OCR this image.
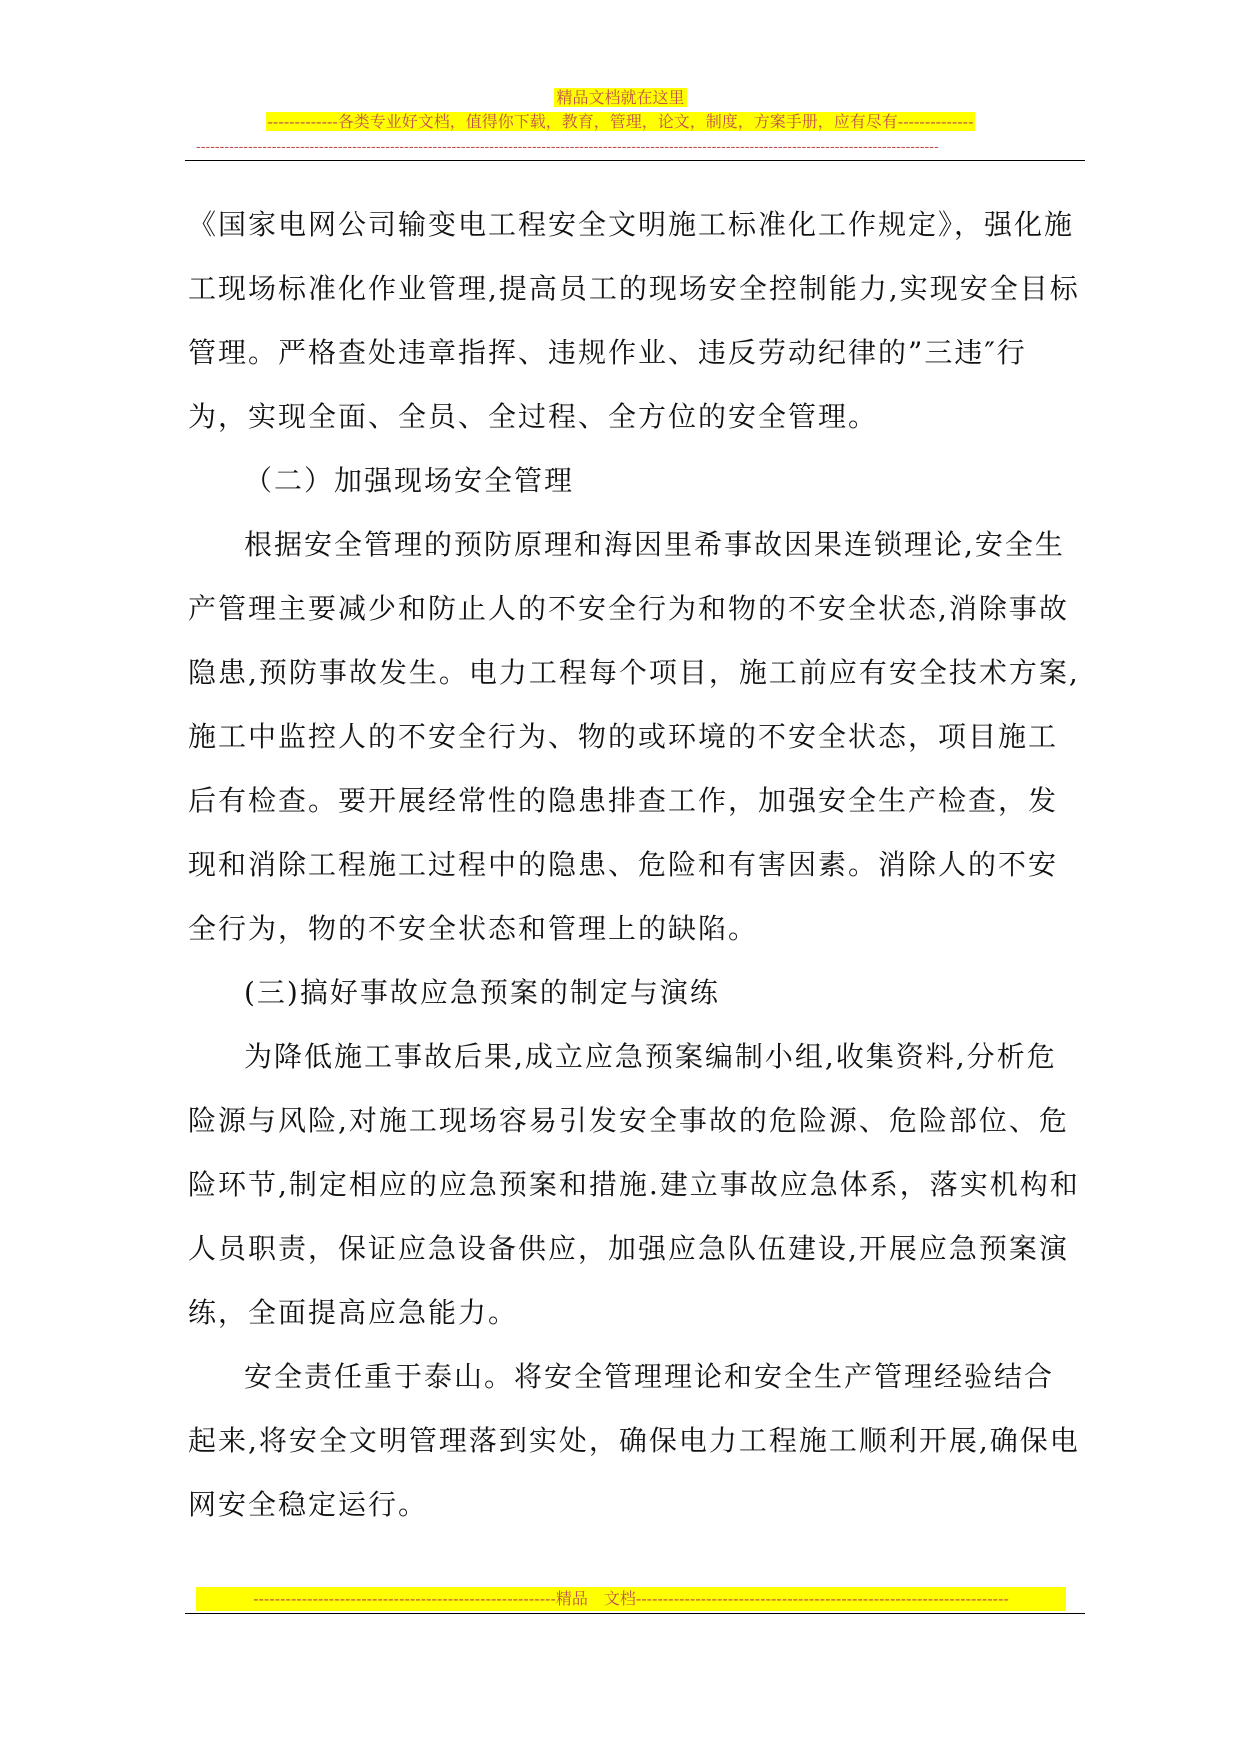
精品文档就在这里
-------------各类专业好文档，值得你下载，教育，管理，论文，制度，方案手册，应有尽有--------------
-------------------------------------------------------------------------------------------------------------------------------------------------------------

《国家电网公司输变电工程安全文明施工标准化工作规定》，强化施工现场标准化作业管理,提高员工的现场安全控制能力,实现安全目标管理。严格查处违章指挥、违规作业、违反劳动纪律的”三违″行为，实现全面、全员、全过程、全方位的安全管理。

（二）加强现场安全管理

根据安全管理的预防原理和海因里希事故因果连锁理论,安全生产管理主要减少和防止人的不安全行为和物的不安全状态,消除事故隐患,预防事故发生。电力工程每个项目，施工前应有安全技术方案,施工中监控人的不安全行为、物的或环境的不安全状态，项目施工后有检查。要开展经常性的隐患排查工作，加强安全生产检查，发现和消除工程施工过程中的隐患、危险和有害因素。消除人的不安全行为，物的不安全状态和管理上的缺陷。

(三)搞好事故应急预案的制定与演练

为降低施工事故后果,成立应急预案编制小组,收集资料,分析危险源与风险,对施工现场容易引发安全事故的危险源、危险部位、危险环节,制定相应的应急预案和措施.建立事故应急体系，落实机构和人员职责，保证应急设备供应，加强应急队伍建设,开展应急预案演练，全面提高应急能力。

安全责任重于泰山。将安全管理理论和安全生产管理经验结合起来,将安全文明管理落到实处，确保电力工程施工顺利开展,确保电网安全稳定运行。

--------------------------------------------------------精品　文档---------------------------------------------------------------------
